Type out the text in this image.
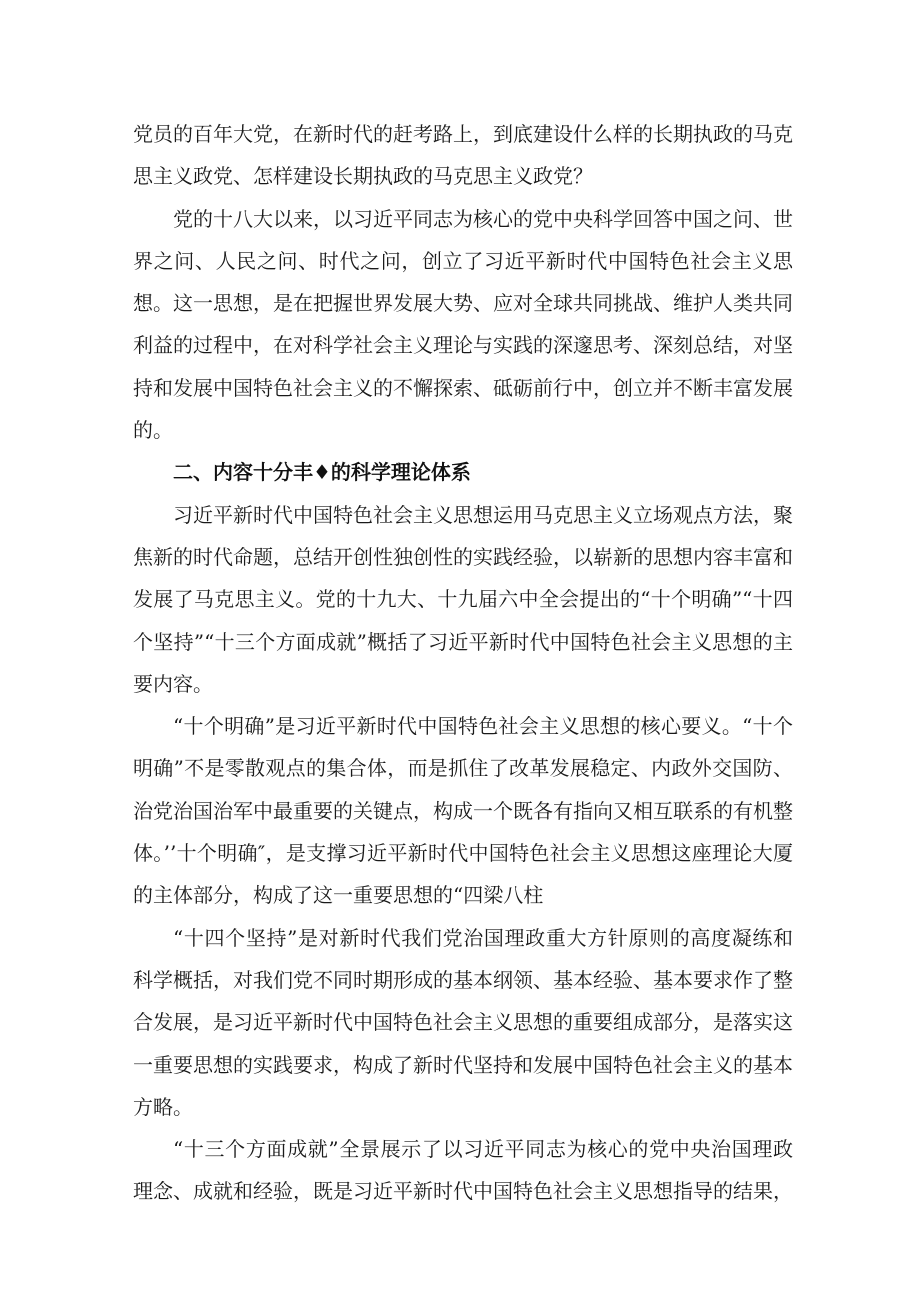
党员的百年大党，在新时代的赶考路上，到底建设什么样的长期执政的马克思主义政党、怎样建设长期执政的马克思主义政党？

党的十八大以来，以习近平同志为核心的党中央科学回答中国之问、世界之问、人民之问、时代之问，创立了习近平新时代中国特色社会主义思想。这一思想，是在把握世界发展大势、应对全球共同挑战、维护人类共同利益的过程中，在对科学社会主义理论与实践的深邃思考、深刻总结，对坚持和发展中国特色社会主义的不懈探索、砥砺前行中，创立并不断丰富发展的。

二、内容十分丰♦的科学理论体系

习近平新时代中国特色社会主义思想运用马克思主义立场观点方法，聚焦新的时代命题，总结开创性独创性的实践经验，以崭新的思想内容丰富和发展了马克思主义。党的十九大、十九届六中全会提出的“十个明确”“十四个坚持”“十三个方面成就”概括了习近平新时代中国特色社会主义思想的主要内容。

“十个明确”是习近平新时代中国特色社会主义思想的核心要义。“十个明确”不是零散观点的集合体，而是抓住了改革发展稳定、内政外交国防、治党治国治军中最重要的关键点，构成一个既各有指向又相互联系的有机整体。’’十个明确″，是支撑习近平新时代中国特色社会主义思想这座理论大厦的主体部分，构成了这一重要思想的“四梁八柱

“十四个坚持”是对新时代我们党治国理政重大方针原则的高度凝练和科学概括，对我们党不同时期形成的基本纲领、基本经验、基本要求作了整合发展，是习近平新时代中国特色社会主义思想的重要组成部分，是落实这一重要思想的实践要求，构成了新时代坚持和发展中国特色社会主义的基本方略。

“十三个方面成就”全景展示了以习近平同志为核心的党中央治国理政理念、成就和经验，既是习近平新时代中国特色社会主义思想指导的结果，
